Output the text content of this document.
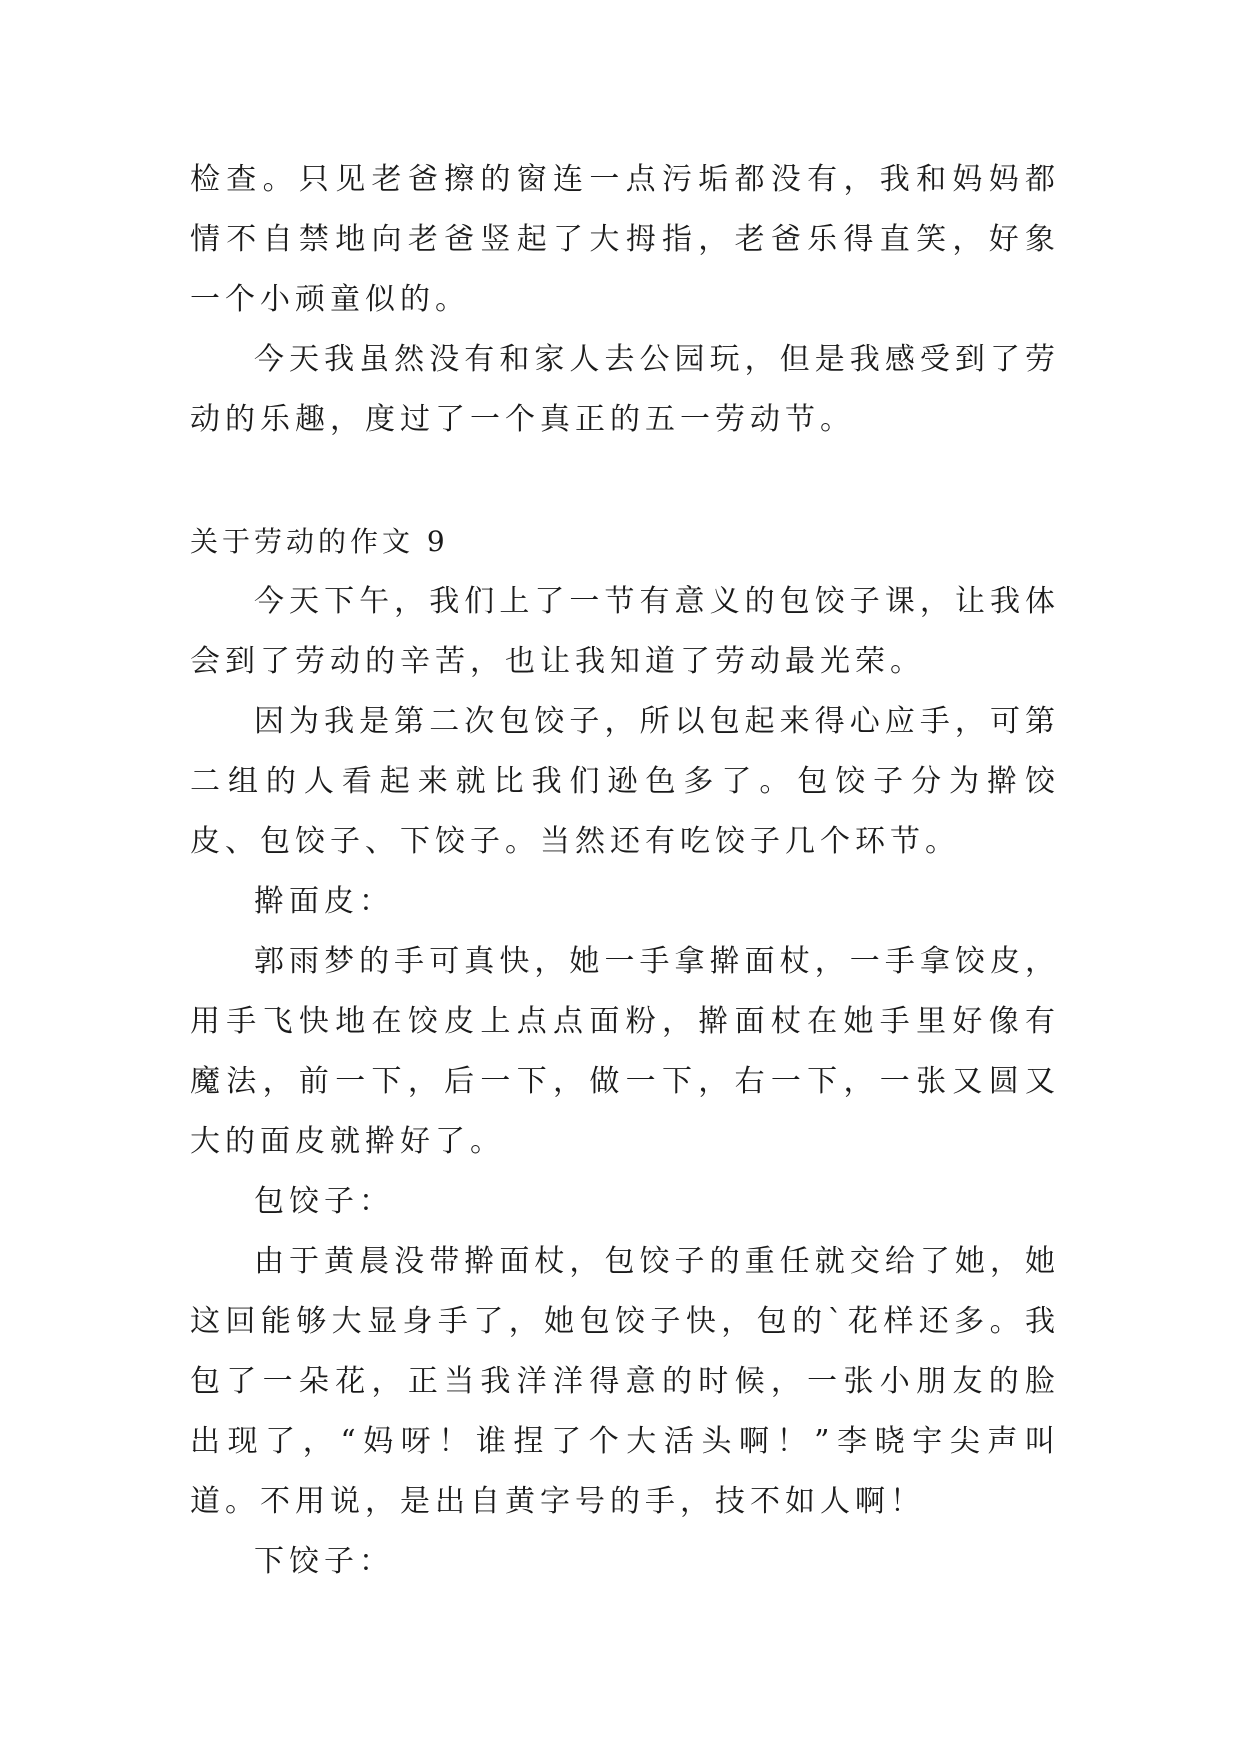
检查。只见老爸擦的窗连一点污垢都没有，我和妈妈都情不自禁地向老爸竖起了大拇指，老爸乐得直笑，好象一个小顽童似的。

今天我虽然没有和家人去公园玩，但是我感受到了劳动的乐趣，度过了一个真正的五一劳动节。

关于劳动的作文 9

今天下午，我们上了一节有意义的包饺子课，让我体会到了劳动的辛苦，也让我知道了劳动最光荣。

因为我是第二次包饺子，所以包起来得心应手，可第二组的人看起来就比我们逊色多了。包饺子分为擀饺皮、包饺子、下饺子。当然还有吃饺子几个环节。

擀面皮：

郭雨梦的手可真快，她一手拿擀面杖，一手拿饺皮，用手飞快地在饺皮上点点面粉，擀面杖在她手里好像有魔法，前一下，后一下，做一下，右一下，一张又圆又大的面皮就擀好了。

包饺子：

由于黄晨没带擀面杖，包饺子的重任就交给了她，她这回能够大显身手了，她包饺子快，包的`花样还多。我包了一朵花，正当我洋洋得意的时候，一张小朋友的脸出现了，“妈呀！谁捏了个大活头啊！”李晓宇尖声叫道。不用说，是出自黄字号的手，技不如人啊！

下饺子：
